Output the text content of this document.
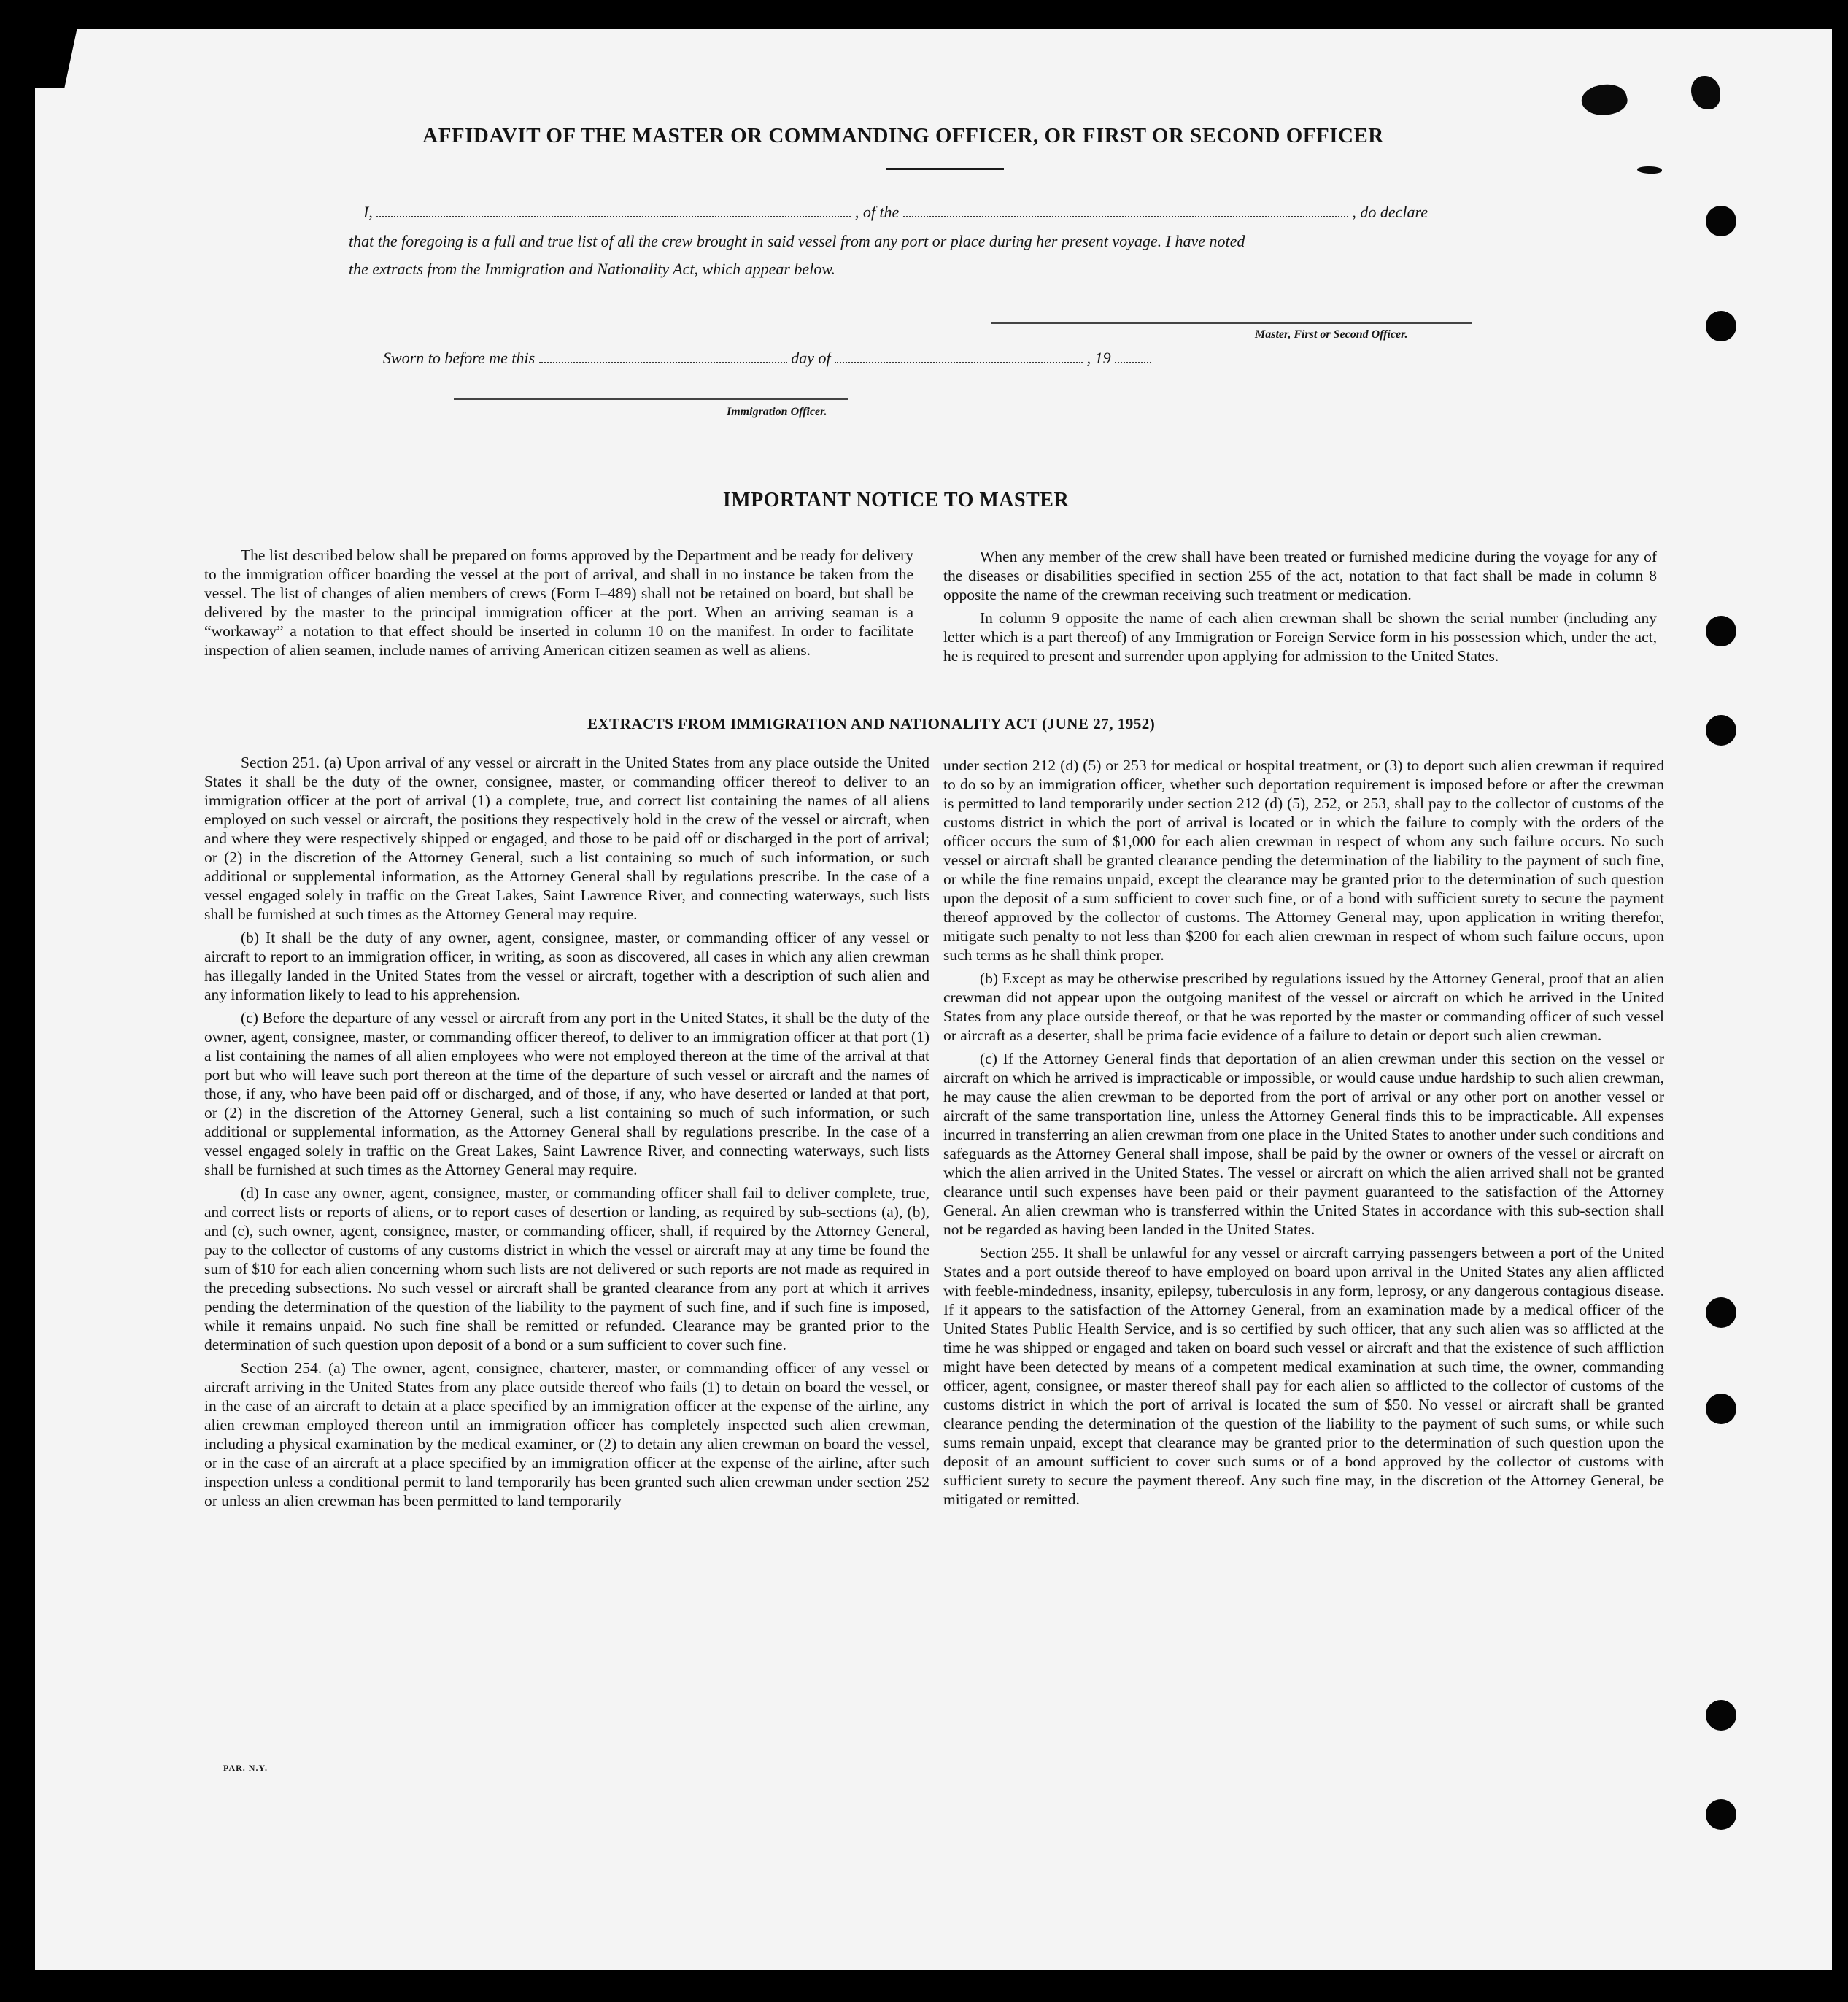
AFFIDAVIT OF THE MASTER OR COMMANDING OFFICER, OR FIRST OR SECOND OFFICER
I,	, of the	, do declare
that the foregoing is a full and true list of all the crew brought in said vessel from any port or place during her present voyage. I have noted
the extracts from the Immigration and Nationality Act, which appear below.
Master, First or Second Officer.
Sworn to before me this	day of	, 19
Immigration Officer.
IMPORTANT NOTICE TO MASTER

The list described below shall be prepared on forms approved by the Department and be ready for delivery to the immigration officer boarding the vessel at the port of arrival, and shall in no instance be taken from the vessel. The list of changes of alien members of crews (Form I–489) shall not be retained on board, but shall be delivered by the master to the principal immigration officer at the port. When an arriving seaman is a “workaway” a notation to that effect should be inserted in column 10 on the manifest. In order to facilitate inspection of alien seamen, include names of arriving American citizen seamen as well as aliens.

When any member of the crew shall have been treated or furnished medicine during the voyage for any of the diseases or disabilities specified in section 255 of the act, notation to that fact shall be made in column 8 opposite the name of the crewman receiving such treatment or medication.

In column 9 opposite the name of each alien crewman shall be shown the serial number (including any letter which is a part thereof) of any Immigration or Foreign Service form in his possession which, under the act, he is required to present and surrender upon applying for admission to the United States.

EXTRACTS FROM IMMIGRATION AND NATIONALITY ACT (JUNE 27, 1952)

Section 251. (a) Upon arrival of any vessel or aircraft in the United States from any place outside the United States it shall be the duty of the owner, consignee, master, or commanding officer thereof to deliver to an immigration officer at the port of arrival (1) a complete, true, and correct list containing the names of all aliens employed on such vessel or aircraft, the positions they respectively hold in the crew of the vessel or aircraft, when and where they were respectively shipped or engaged, and those to be paid off or discharged in the port of arrival; or (2) in the discretion of the Attorney General, such a list containing so much of such information, or such additional or supplemental information, as the Attorney General shall by regulations prescribe. In the case of a vessel engaged solely in traffic on the Great Lakes, Saint Lawrence River, and connecting waterways, such lists shall be furnished at such times as the Attorney General may require.

(b) It shall be the duty of any owner, agent, consignee, master, or commanding officer of any vessel or aircraft to report to an immigration officer, in writing, as soon as discovered, all cases in which any alien crewman has illegally landed in the United States from the vessel or aircraft, together with a description of such alien and any information likely to lead to his apprehension.

(c) Before the departure of any vessel or aircraft from any port in the United States, it shall be the duty of the owner, agent, consignee, master, or commanding officer thereof, to deliver to an immigration officer at that port (1) a list containing the names of all alien employees who were not employed thereon at the time of the arrival at that port but who will leave such port thereon at the time of the departure of such vessel or aircraft and the names of those, if any, who have been paid off or discharged, and of those, if any, who have deserted or landed at that port, or (2) in the discretion of the Attorney General, such a list containing so much of such information, or such additional or supplemental information, as the Attorney General shall by regulations prescribe. In the case of a vessel engaged solely in traffic on the Great Lakes, Saint Lawrence River, and connecting waterways, such lists shall be furnished at such times as the Attorney General may require.

(d) In case any owner, agent, consignee, master, or commanding officer shall fail to deliver complete, true, and correct lists or reports of aliens, or to report cases of desertion or landing, as required by sub-sections (a), (b), and (c), such owner, agent, consignee, master, or commanding officer, shall, if required by the Attorney General, pay to the collector of customs of any customs district in which the vessel or aircraft may at any time be found the sum of $10 for each alien concerning whom such lists are not delivered or such reports are not made as required in the preceding subsections. No such vessel or aircraft shall be granted clearance from any port at which it arrives pending the determination of the question of the liability to the payment of such fine, and if such fine is imposed, while it remains unpaid. No such fine shall be remitted or refunded. Clearance may be granted prior to the determination of such question upon deposit of a bond or a sum sufficient to cover such fine.

Section 254. (a) The owner, agent, consignee, charterer, master, or commanding officer of any vessel or aircraft arriving in the United States from any place outside thereof who fails (1) to detain on board the vessel, or in the case of an aircraft to detain at a place specified by an immigration officer at the expense of the airline, any alien crewman employed thereon until an immigration officer has completely inspected such alien crewman, including a physical examination by the medical examiner, or (2) to detain any alien crewman on board the vessel, or in the case of an aircraft at a place specified by an immigration officer at the expense of the airline, after such inspection unless a conditional permit to land temporarily has been granted such alien crewman under section 252 or unless an alien crewman has been permitted to land temporarily

under section 212 (d) (5) or 253 for medical or hospital treatment, or (3) to deport such alien crewman if required to do so by an immigration officer, whether such deportation requirement is imposed before or after the crewman is permitted to land temporarily under section 212 (d) (5), 252, or 253, shall pay to the collector of customs of the customs district in which the port of arrival is located or in which the failure to comply with the orders of the officer occurs the sum of $1,000 for each alien crewman in respect of whom any such failure occurs. No such vessel or aircraft shall be granted clearance pending the determination of the liability to the payment of such fine, or while the fine remains unpaid, except the clearance may be granted prior to the determination of such question upon the deposit of a sum sufficient to cover such fine, or of a bond with sufficient surety to secure the payment thereof approved by the collector of customs. The Attorney General may, upon application in writing therefor, mitigate such penalty to not less than $200 for each alien crewman in respect of whom such failure occurs, upon such terms as he shall think proper.

(b) Except as may be otherwise prescribed by regulations issued by the Attorney General, proof that an alien crewman did not appear upon the outgoing manifest of the vessel or aircraft on which he arrived in the United States from any place outside thereof, or that he was reported by the master or commanding officer of such vessel or aircraft as a deserter, shall be prima facie evidence of a failure to detain or deport such alien crewman.

(c) If the Attorney General finds that deportation of an alien crewman under this section on the vessel or aircraft on which he arrived is impracticable or impossible, or would cause undue hardship to such alien crewman, he may cause the alien crewman to be deported from the port of arrival or any other port on another vessel or aircraft of the same transportation line, unless the Attorney General finds this to be impracticable. All expenses incurred in transferring an alien crewman from one place in the United States to another under such conditions and safeguards as the Attorney General shall impose, shall be paid by the owner or owners of the vessel or aircraft on which the alien arrived in the United States. The vessel or aircraft on which the alien arrived shall not be granted clearance until such expenses have been paid or their payment guaranteed to the satisfaction of the Attorney General. An alien crewman who is transferred within the United States in accordance with this sub-section shall not be regarded as having been landed in the United States.

Section 255. It shall be unlawful for any vessel or aircraft carrying passengers between a port of the United States and a port outside thereof to have employed on board upon arrival in the United States any alien afflicted with feeble-mindedness, insanity, epilepsy, tuberculosis in any form, leprosy, or any dangerous contagious disease. If it appears to the satisfaction of the Attorney General, from an examination made by a medical officer of the United States Public Health Service, and is so certified by such officer, that any such alien was so afflicted at the time he was shipped or engaged and taken on board such vessel or aircraft and that the existence of such affliction might have been detected by means of a competent medical examination at such time, the owner, commanding officer, agent, consignee, or master thereof shall pay for each alien so afflicted to the collector of customs of the customs district in which the port of arrival is located the sum of $50. No vessel or aircraft shall be granted clearance pending the determination of the question of the liability to the payment of such sums, or while such sums remain unpaid, except that clearance may be granted prior to the determination of such question upon the deposit of an amount sufficient to cover such sums or of a bond approved by the collector of customs with sufficient surety to secure the payment thereof. Any such fine may, in the discretion of the Attorney General, be mitigated or remitted.

PAR. N.Y.
